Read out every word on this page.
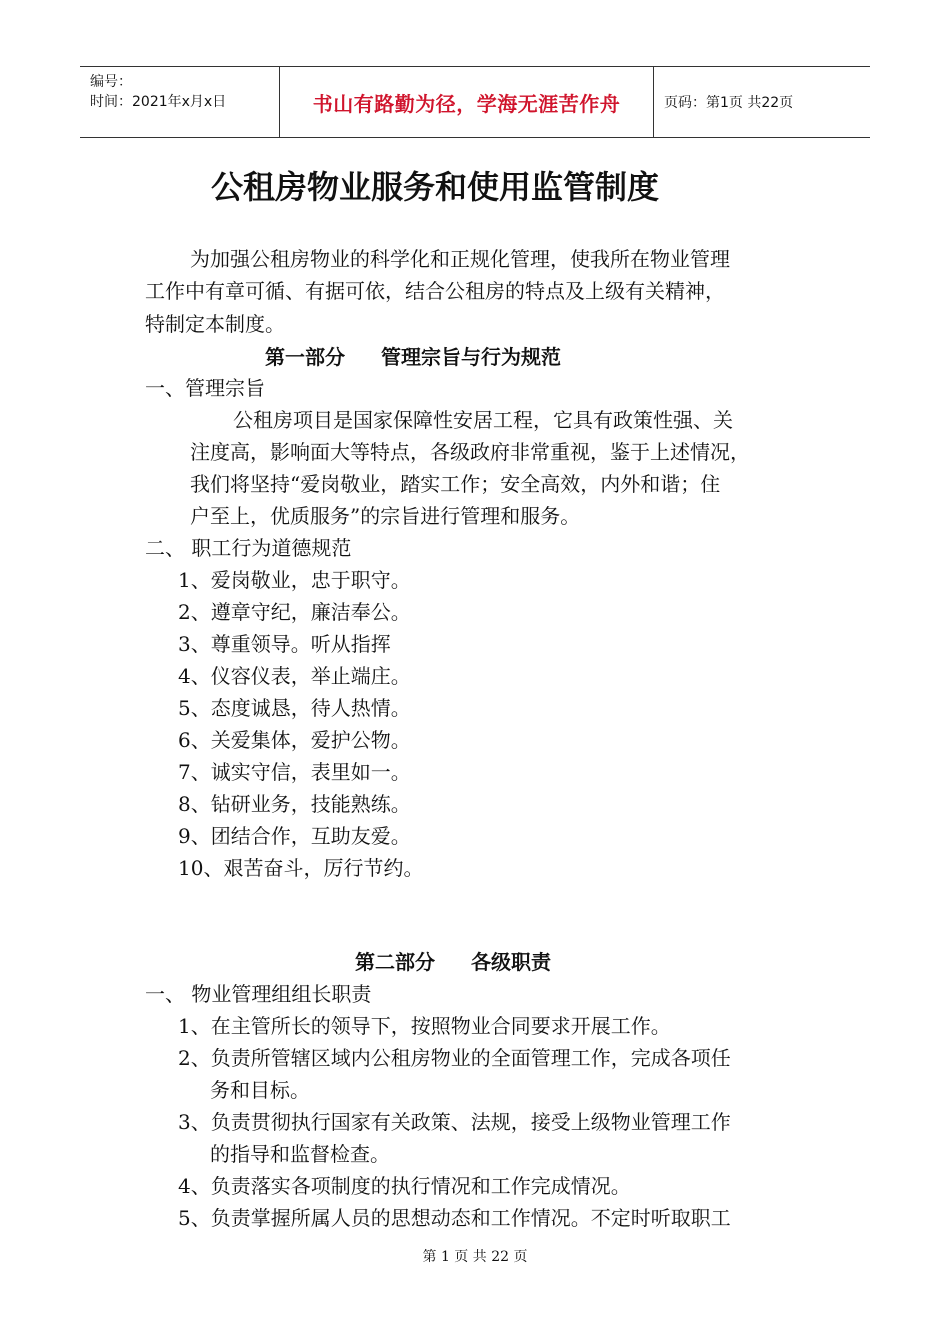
编号：
时间：2021年x月x日	书山有路勤为径，学海无涯苦作舟	页码：第1页 共22页
公租房物业服务和使用监管制度
为加强公租房物业的科学化和正规化管理，使我所在物业管理
工作中有章可循、有据可依，结合公租房的特点及上级有关精神，
特制定本制度。
第一部分 管理宗旨与行为规范
一、管理宗旨
公租房项目是国家保障性安居工程，它具有政策性强、关
注度高，影响面大等特点，各级政府非常重视，鉴于上述情况，
我们将坚持“爱岗敬业，踏实工作；安全高效，内外和谐；住
户至上，优质服务”的宗旨进行管理和服务。
二、 职工行为道德规范
1、爱岗敬业，忠于职守。
2、遵章守纪，廉洁奉公。
3、尊重领导。听从指挥
4、仪容仪表，举止端庄。
5、态度诚恳，待人热情。
6、关爱集体，爱护公物。
7、诚实守信，表里如一。
8、钻研业务，技能熟练。
9、团结合作，互助友爱。
10、艰苦奋斗，厉行节约。
第二部分 各级职责
一、 物业管理组组长职责
1、在主管所长的领导下，按照物业合同要求开展工作。
2、负责所管辖区域内公租房物业的全面管理工作，完成各项任
务和目标。
3、负责贯彻执行国家有关政策、法规，接受上级物业管理工作
的指导和监督检查。
4、负责落实各项制度的执行情况和工作完成情况。
5、负责掌握所属人员的思想动态和工作情况。不定时听取职工
第 1 页 共 22 页
